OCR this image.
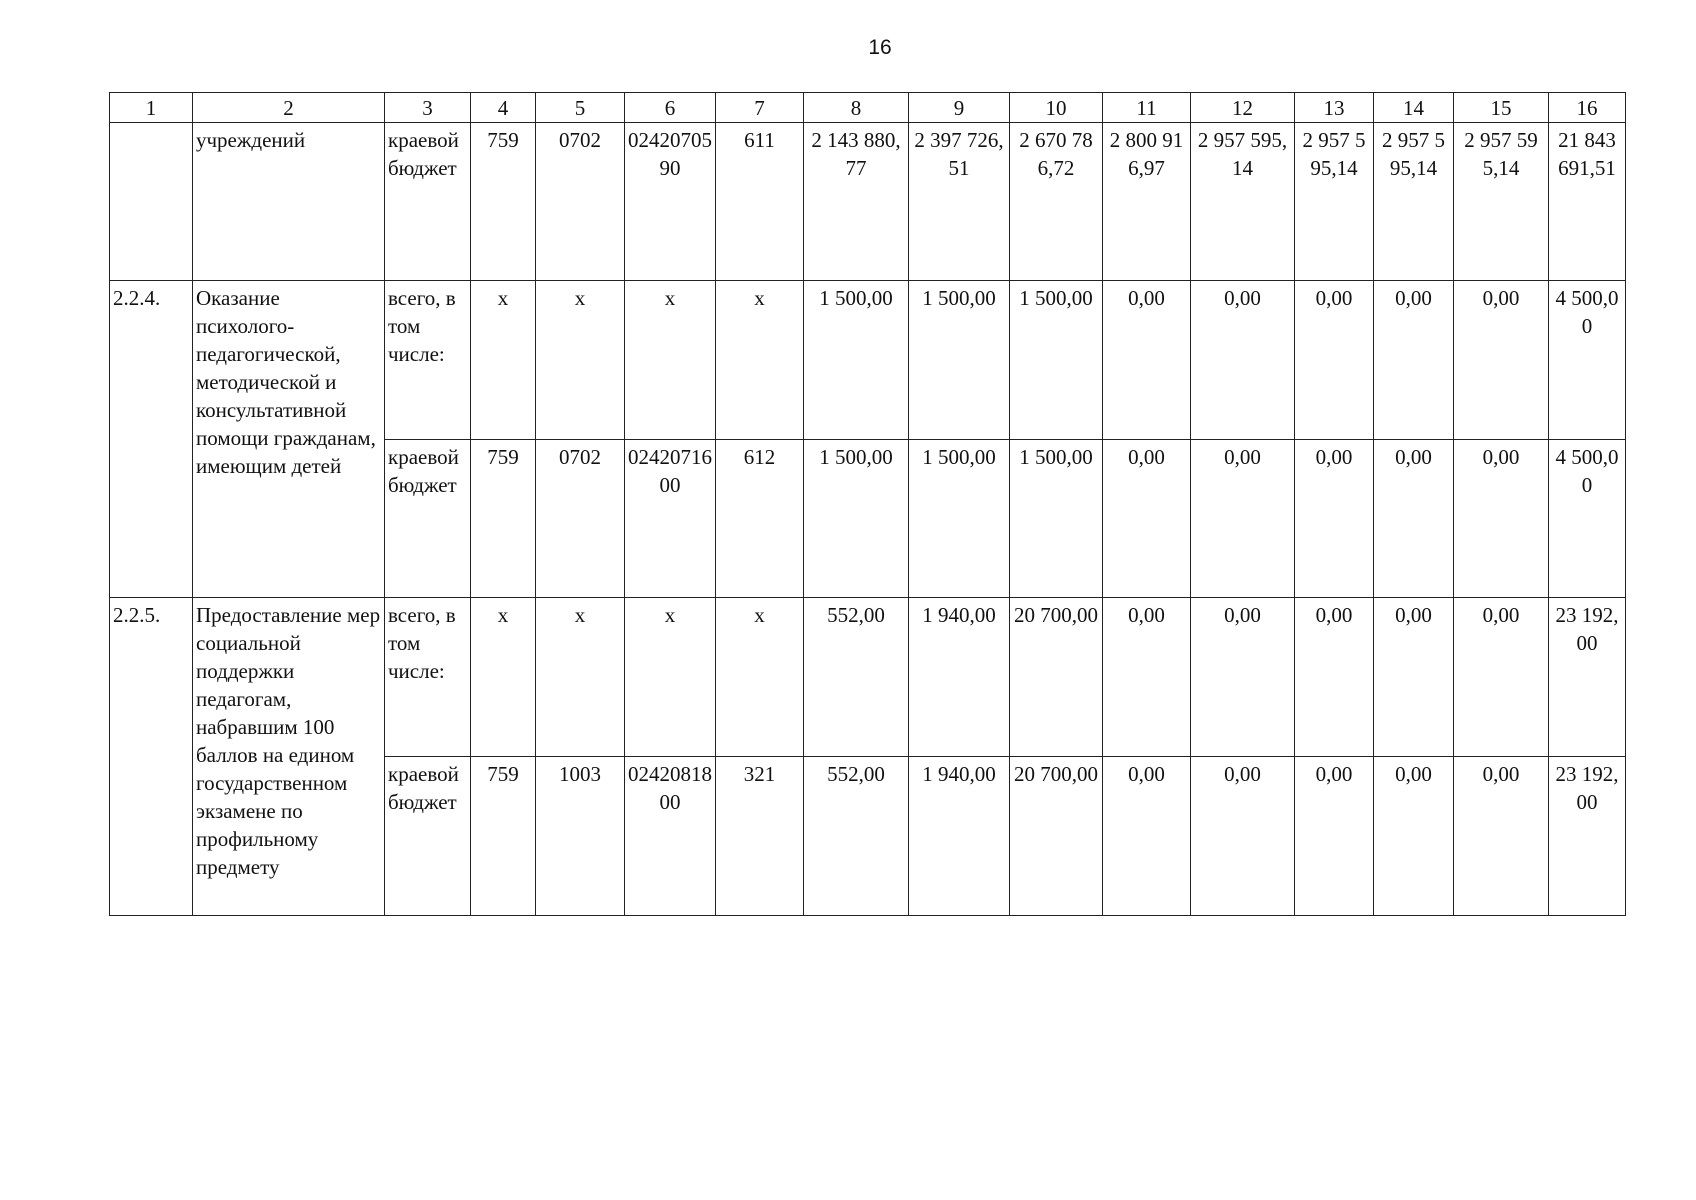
16
1	2	3	4	5	6	7	8	9	10	11	12	13	14	15	16
	учреждений	краевой бюджет	759	0702	0242070590	611	2 143 880,77	2 397 726,51	2 670 786,72	2 800 916,97	2 957 595,14	2 957 595,14	2 957 595,14	2 957 595,14	21 843 691,51
2.2.4.	Оказание психолого-педагогической, методической и консультативной помощи гражданам, имеющим детей	всего, в том числе:	х	х	х	х	1 500,00	1 500,00	1 500,00	0,00	0,00	0,00	0,00	0,00	4 500,00
		краевой бюджет	759	0702	0242071600	612	1 500,00	1 500,00	1 500,00	0,00	0,00	0,00	0,00	0,00	4 500,00
2.2.5.	Предоставление мер социальной поддержки педагогам, набравшим 100 баллов на едином государственном экзамене по профильному предмету	всего, в том числе:	х	х	х	х	552,00	1 940,00	20 700,00	0,00	0,00	0,00	0,00	0,00	23 192,00
		краевой бюджет	759	1003	0242081800	321	552,00	1 940,00	20 700,00	0,00	0,00	0,00	0,00	0,00	23 192,00
